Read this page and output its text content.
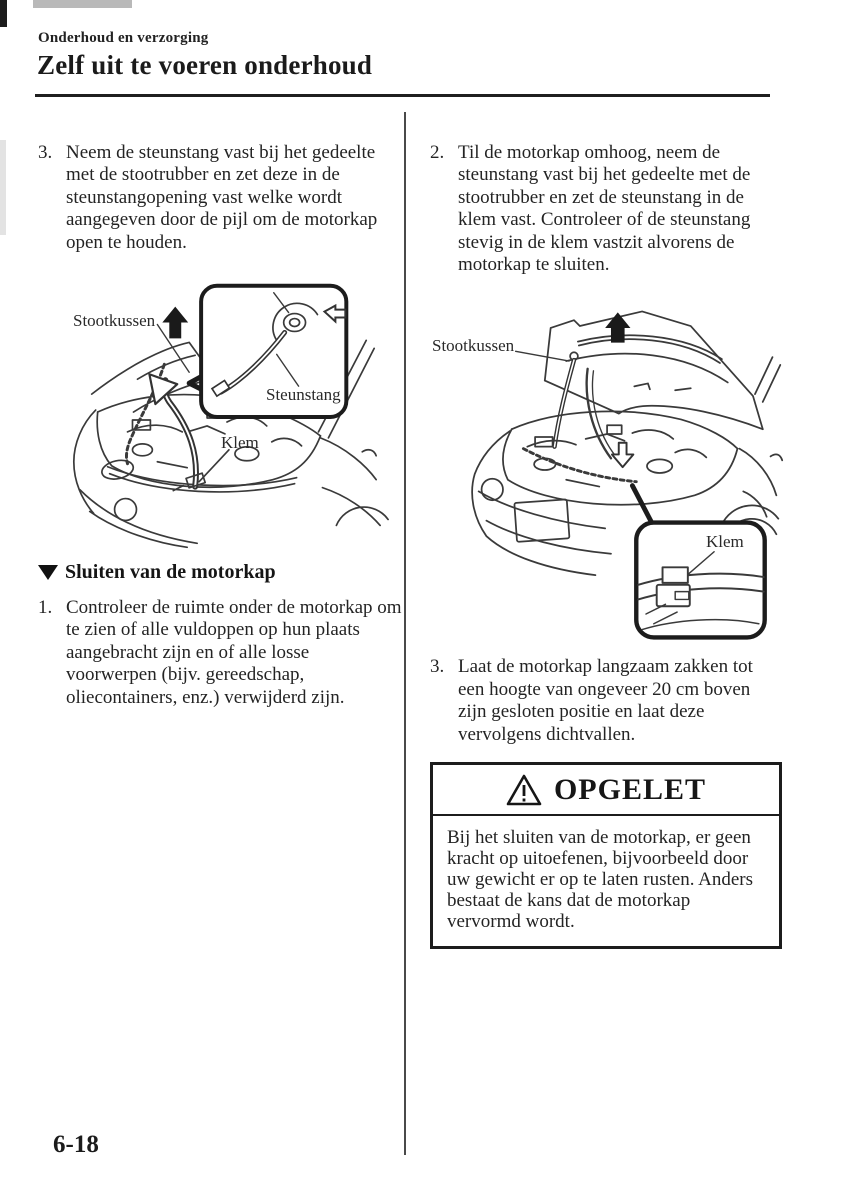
Onderhoud en verzorging
Zelf uit te voeren onderhoud
3. Neem de steunstang vast bij het gedeelte met de stootrubber en zet deze in de steunstangopening vast welke wordt aangegeven door de pijl om de motorkap open te houden.
Stootkussen
Steunstang
Klem
Sluiten van de motorkap
1. Controleer de ruimte onder de motorkap om te zien of alle vuldoppen op hun plaats aangebracht zijn en of alle losse voorwerpen (bijv. gereedschap, oliecontainers, enz.) verwijderd zijn.
2. Til de motorkap omhoog, neem de steunstang vast bij het gedeelte met de stootrubber en zet de steunstang in de klem vast. Controleer of de steunstang stevig in de klem vastzit alvorens de motorkap te sluiten.
Stootkussen
Klem
3. Laat de motorkap langzaam zakken tot een hoogte van ongeveer 20 cm boven zijn gesloten positie en laat deze vervolgens dichtvallen.
OPGELET
Bij het sluiten van de motorkap, er geen kracht op uitoefenen, bijvoorbeeld door uw gewicht er op te laten rusten. Anders bestaat de kans dat de motorkap vervormd wordt.
6-18
